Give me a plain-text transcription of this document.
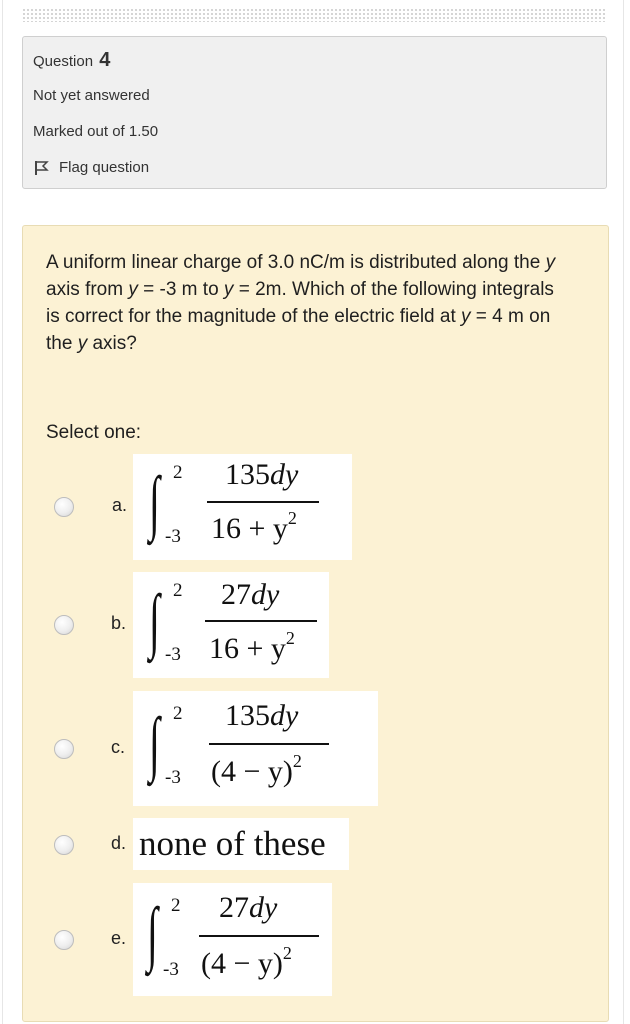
Question 4
Not yet answered
Marked out of 1.50
Flag question
A uniform linear charge of 3.0 nC/m is distributed along the y axis from y = -3 m to y = 2m. Which of the following integrals is correct for the magnitude of the electric field at y = 4 m on the y axis?
Select one:
a. ∫ 2
-3
135dy
$16 + y^2$
b. ∫ 2
-3
27dy
$16 + y^2$
c. ∫ 2
-3
135dy
$(4 - y)^2$
d. none of these
e. ∫ 2
-3
27dy
$(4 - y)^2$
